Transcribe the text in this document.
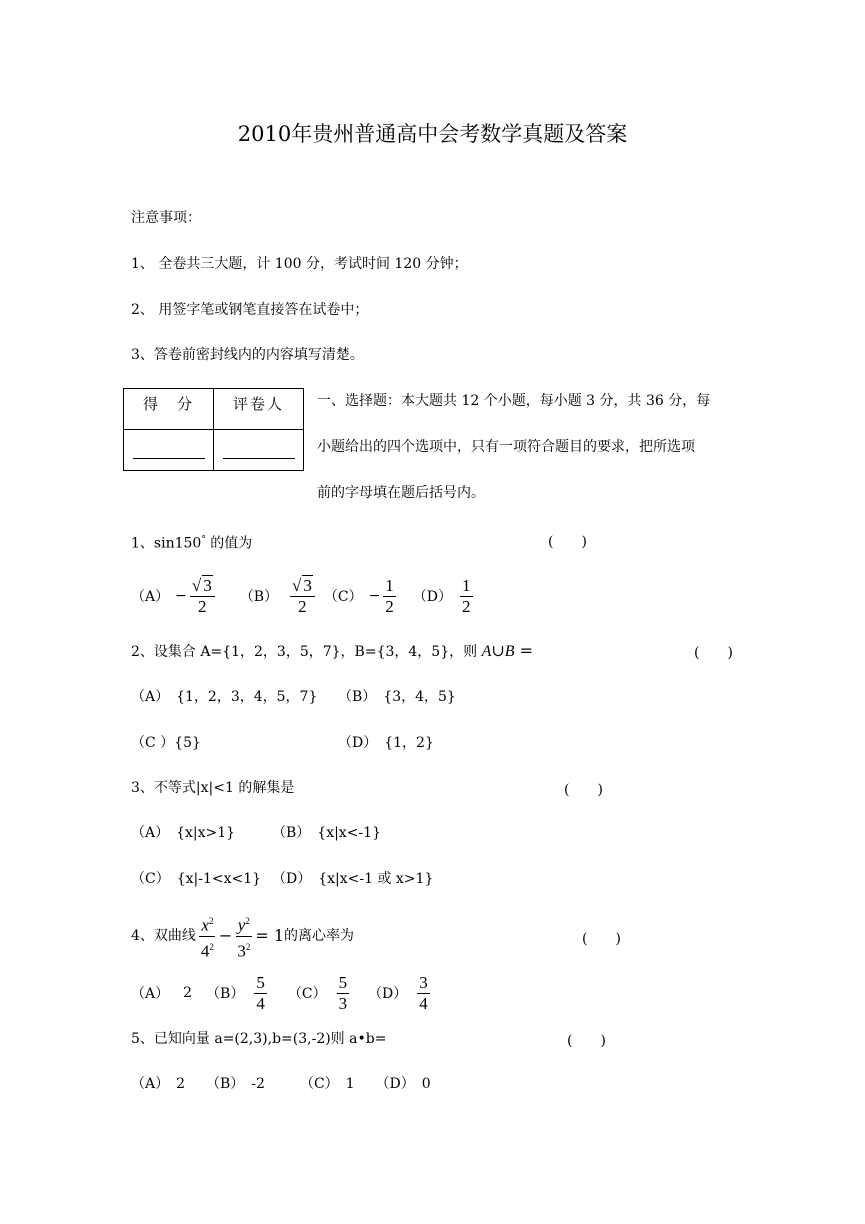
2010年贵州普通高中会考数学真题及答案
注意事项：
1、 全卷共三大题，计 100 分，考试时间 120 分钟；
2、 用签字笔或钢笔直接答在试卷中；
3、答卷前密封线内的内容填写清楚。
得　分	评卷人

		一、选择题：本大题共 12 个小题，每小题 3 分，共 36 分，每
小题给出的四个选项中，只有一项符合题目的要求，把所选项
前的字母填在题后括号内。
1、sin150° 的值为	(　　)
$(A) - \frac{√ 3}{2} (B) \frac{√ 3}{2} (C) - \frac{1}{2} (D) \frac{1}{2}$
2、设集合 A={1，2，3，5，7}，B={3，4，5}，则 A∪B =	(　　)
（A）　{1，2，3，4，5，7} （B）　{3，4，5}
（C ）{5}	（D）　{1，2}
3、不等式|x|<1 的解集是	(　　)
（A）　{x|x>1}	（B）　{x|x<-1}
（C）　{x|-1<x<1} （D）　{x|x<-1 或 x>1}
4、双曲线 $\frac{x^2}{4^2} - \frac{y^2}{3^2} = 1$ 的离心率为	(　　)
（A） 2 $(B) \frac{5}{4} (C) \frac{5}{3} (D) \frac{3}{4}$
5、已知向量 a=(2,3),b=(3,-2)则 a•b=	(　　)
（A）　2　　（B）　-2　　　（C）　1　　（D）　0
